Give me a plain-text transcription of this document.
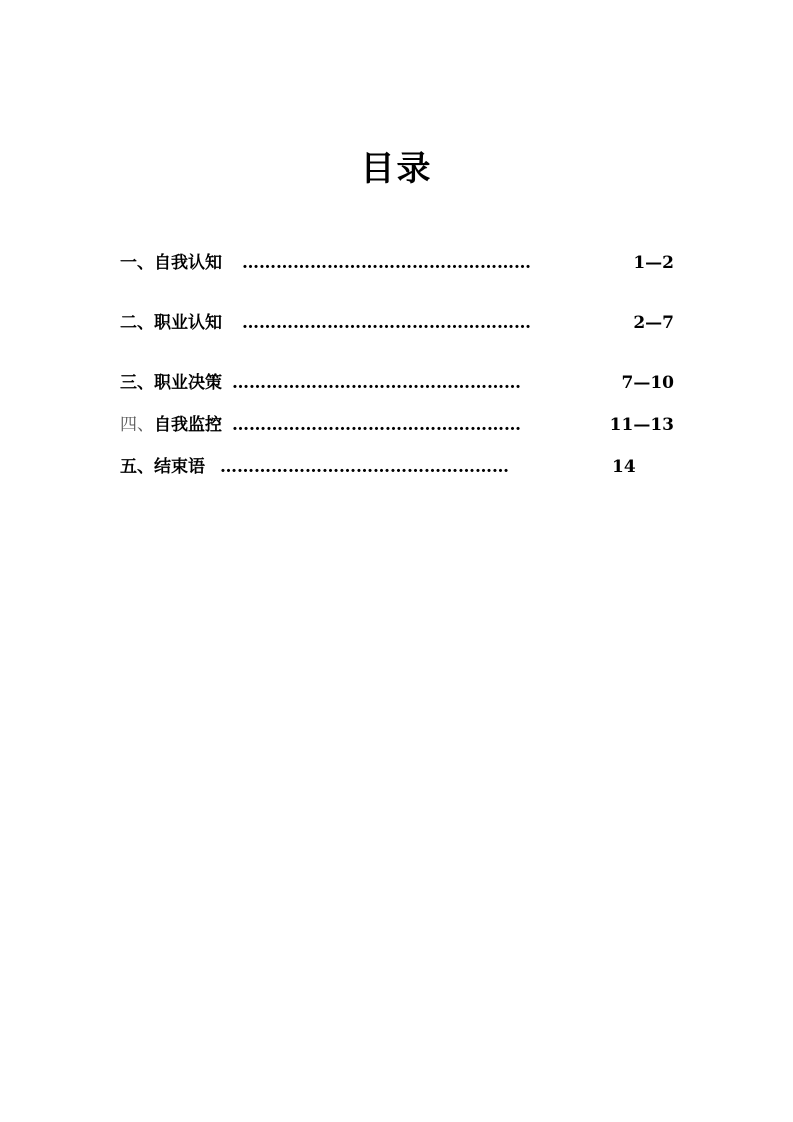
目录
一、自我认知 ……………………………………………	1—2
二、职业认知 ……………………………………………	2—7
三、职业决策 ……………………………………………	7—10
四、自我监控 ……………………………………………	11—13
五、结束语 ……………………………………………	14
